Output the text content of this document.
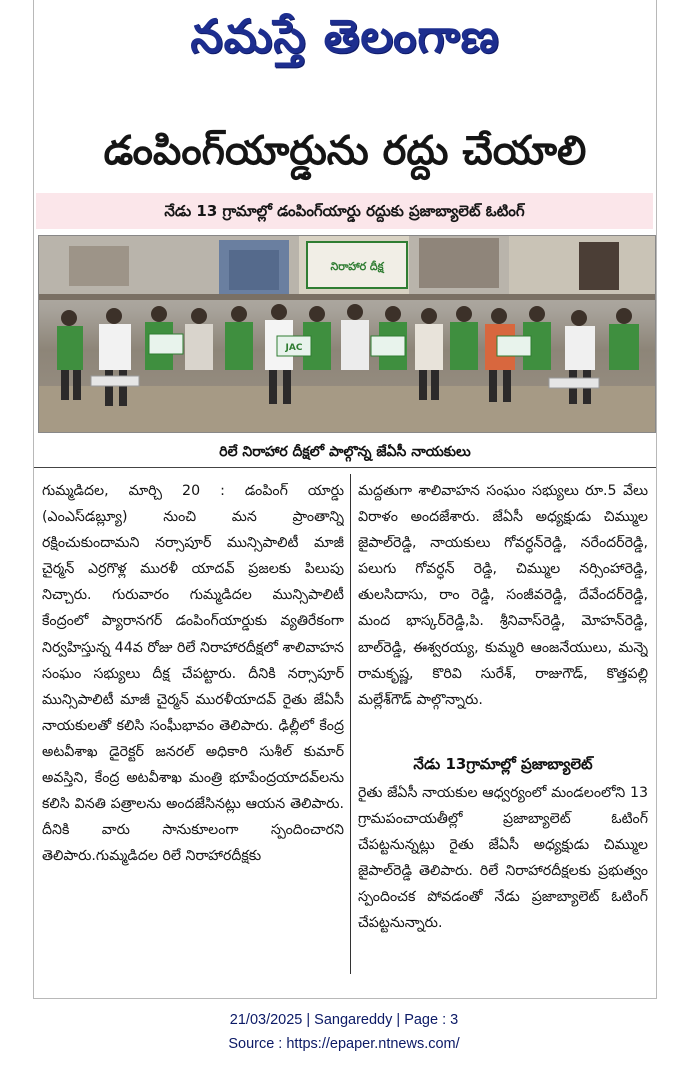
నమస్తే తెలంగాణ
డంపింగ్‌యార్డును రద్దు చేయాలి
నేడు 13 గ్రామాల్లో డంపింగ్‌యార్డు రద్దుకు ప్రజాబ్యాలెట్ ఓటింగ్
నిరాహార దీక్ష
JAC
రిలే నిరాహార దీక్షలో పాల్గొన్న జేఏసీ నాయకులు
గుమ్మడిదల, మార్చి 20 : డంపింగ్ యార్డు (ఎంఎస్‌డబ్ల్యూ) నుంచి మన ప్రాంతాన్ని రక్షించుకుందామని నర్సాపూర్ మున్సిపాలిటీ మాజీ చైర్మన్ ఎర్రగొళ్ల మురళీ యాదవ్ ప్రజలకు పిలుపు నిచ్చారు. గురువారం గుమ్మడిదల మున్సిపాలిటీ కేంద్రంలో ప్యారానగర్ డంపింగ్‌యార్డుకు వ్యతిరేకంగా నిర్వహిస్తున్న 44వ రోజు రిలే నిరాహారదీక్షలో శాలివాహన సంఘం సభ్యులు దీక్ష చేపట్టారు. దీనికి నర్సాపూర్ మున్సిపాలిటీ మాజీ చైర్మన్ మురళీయాదవ్ రైతు జేఏసీ నాయకులతో కలిసి సంఘీభావం తెలిపారు. ఢిల్లీలో కేంద్ర అటవీశాఖ డైరెక్టర్ జనరల్ అధికారి సుశీల్ కుమార్ అవస్తిని, కేంద్ర అటవీశాఖ మంత్రి భూపేంద్రయాదవ్‌లను కలిసి వినతి పత్రాలను అందజేసినట్లు ఆయన తెలిపారు. దీనికి వారు సానుకూలంగా స్పందించారని తెలిపారు.గుమ్మడిదల రిలే నిరాహారదీక్షకు
మద్దతుగా శాలివాహన సంఘం సభ్యులు రూ.5 వేలు విరాళం అందజేశారు. జేఏసీ అధ్యక్షుడు చిమ్ముల జైపాల్‌రెడ్డి, నాయకులు గోవర్ధన్‌రెడ్డి, నరేందర్‌రెడ్డి, పలుగు గోవర్ధన్ రెడ్డి, చిమ్ముల నర్సింహారెడ్డి, తులసిదాసు, రాం రెడ్డి, సంజీవరెడ్డి, దేవేందర్‌రెడ్డి, మంద భాస్కర్‌రెడ్డి,పి. శ్రీనివాస్‌రెడ్డి, మోహన్‌రెడ్డి, బాల్‌రెడ్డి, ఈశ్వరయ్య, కుమ్మరి ఆంజనేయులు, మన్నె రామకృష్ణ, కొరివి సురేశ్, రాజుగౌడ్, కొత్తపల్లి మల్లేశ్‌గౌడ్ పాల్గొన్నారు.
నేడు 13గ్రామాల్లో ప్రజాబ్యాలెట్
రైతు జేఏసీ నాయకుల ఆధ్వర్యంలో మండలంలోని 13 గ్రామపంచాయతీల్లో ప్రజాబ్యాలెట్ ఓటింగ్ చేపట్టనున్నట్లు రైతు జేఏసీ అధ్యక్షుడు చిమ్ముల జైపాల్‌రెడ్డి తెలిపారు. రిలే నిరాహారదీక్షలకు ప్రభుత్వం స్పందించక పోవడంతో నేడు ప్రజాబ్యాలెట్ ఓటింగ్ చేపట్టనున్నారు.
21/03/2025 | Sangareddy | Page : 3
Source : https://epaper.ntnews.com/
